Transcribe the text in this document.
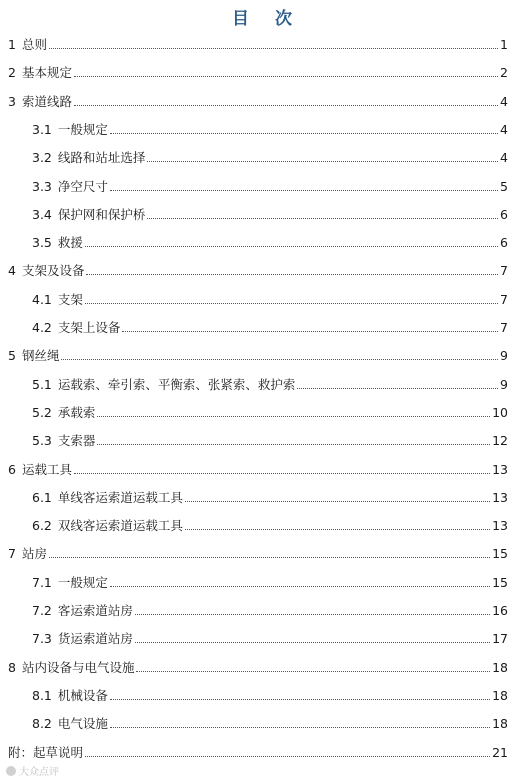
目 次
1 总则	1
2 基本规定	2
3 索道线路	4
3.1 一般规定	4
3.2 线路和站址选择	4
3.3 净空尺寸	5
3.4 保护网和保护桥	6
3.5 救援	6
4 支架及设备	7
4.1 支架	7
4.2 支架上设备	7
5 钢丝绳	9
5.1 运载索、牵引索、平衡索、张紧索、救护索	9
5.2 承载索	10
5.3 支索器	12
6 运载工具	13
6.1 单线客运索道运载工具	13
6.2 双线客运索道运载工具	13
7 站房	15
7.1 一般规定	15
7.2 客运索道站房	16
7.3 货运索道站房	17
8 站内设备与电气设施	18
8.1 机械设备	18
8.2 电气设施	18
附： 起草说明	21
大众点评
